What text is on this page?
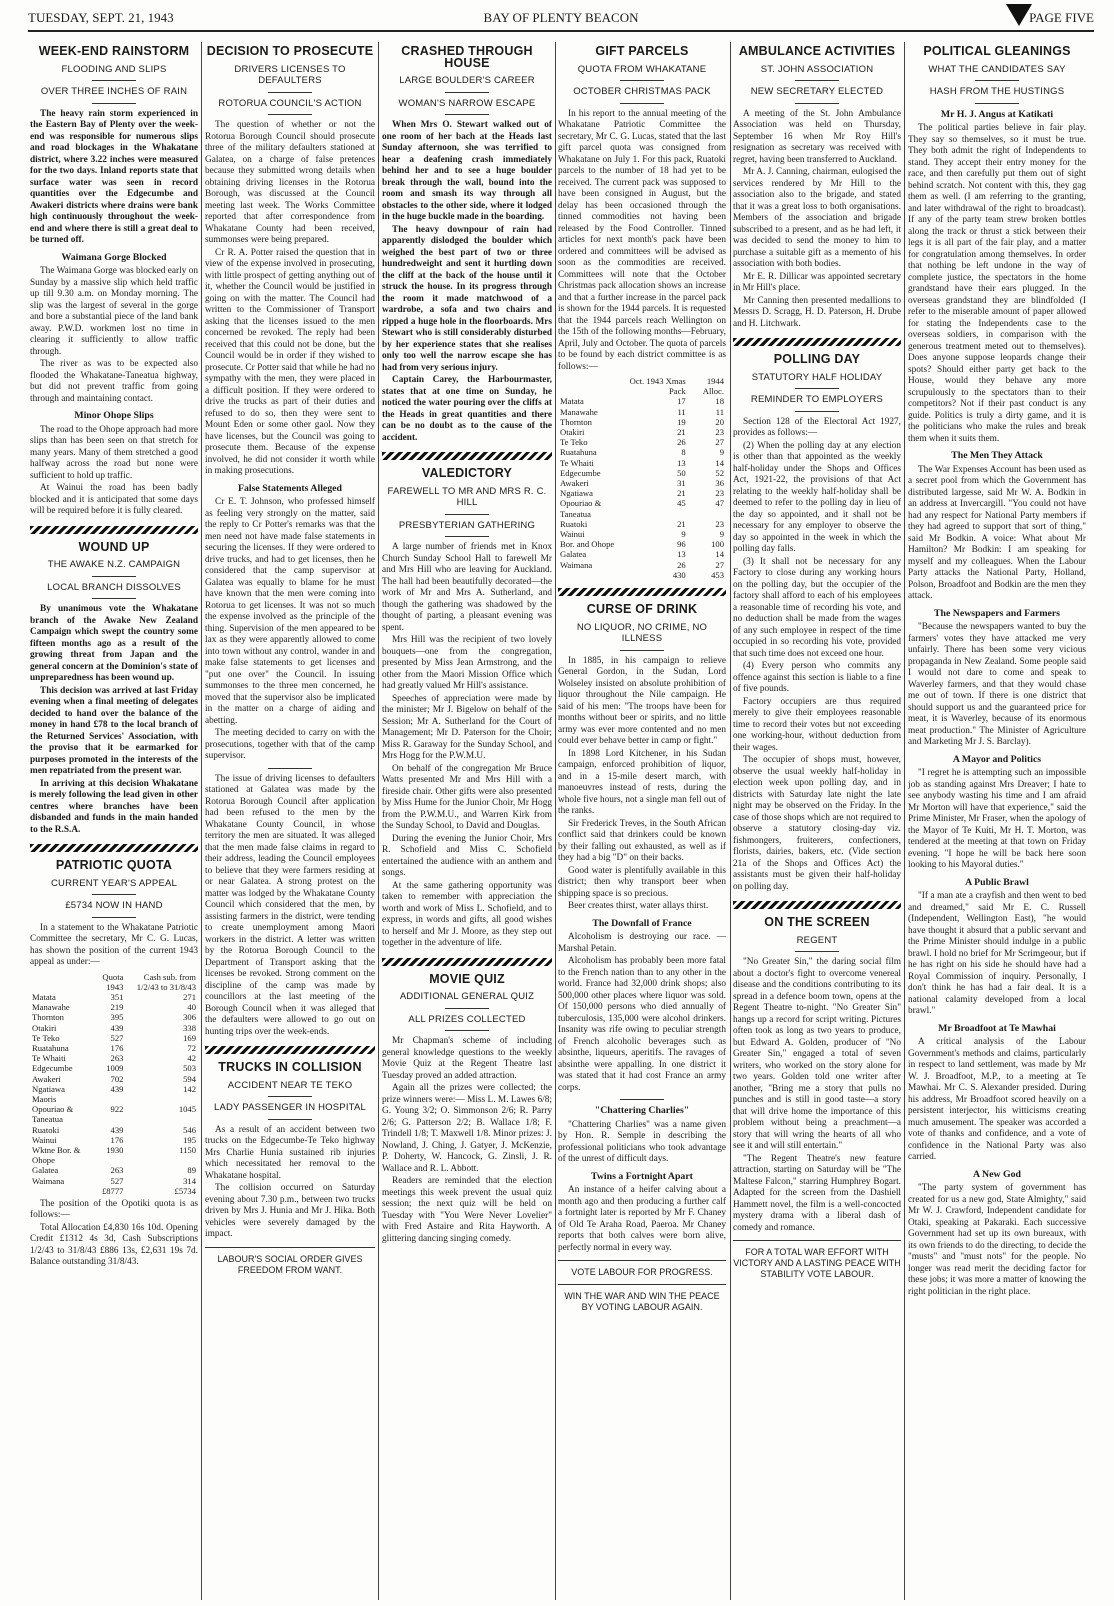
TUESDAY, SEPT. 21, 1943	BAY OF PLENTY BEACON	PAGE FIVE
WEEK-END RAINSTORM
FLOODING AND SLIPS
OVER THREE INCHES OF RAIN

The heavy rain storm experienced in the Eastern Bay of Plenty over the week-end was responsible for numerous slips and road blockages in the Whakatane district, where 3.22 inches were measured for the two days. Inland reports state that surface water was seen in record quantities over the Edgecumbe and Awakeri districts where drains were bank high continuously throughout the week-end and where there is still a great deal to be turned off.

Waimana Gorge Blocked

The Waimana Gorge was blocked early on Sunday by a massive slip which held traffic up till 9.30 a.m. on Monday morning. The slip was the largest of several in the gorge and bore a substantial piece of the land bank away. P.W.D. workmen lost no time in clearing it sufficiently to allow traffic through.

The river as was to be expected also flooded the Whakatane-Taneatua highway, but did not prevent traffic from going through and maintaining contact.

Minor Ohope Slips

The road to the Ohope approach had more slips than has been seen on that stretch for many years. Many of them stretched a good halfway across the road but none were sufficient to hold up traffic.

At Wainui the road has been badly blocked and it is anticipated that some days will be required before it is fully cleared.

WOUND UP
THE AWAKE N.Z. CAMPAIGN
LOCAL BRANCH DISSOLVES

By unanimous vote the Whakatane branch of the Awake New Zealand Campaign which swept the country some fifteen months ago as a result of the growing threat from Japan and the general concern at the Dominion's state of unpreparedness has been wound up.

This decision was arrived at last Friday evening when a final meeting of delegates decided to hand over the balance of the money in hand £78 to the local branch of the Returned Services' Association, with the proviso that it be earmarked for purposes promoted in the interests of the men repatriated from the present war.

In arriving at this decision Whakatane is merely following the lead given in other centres where branches have been disbanded and funds in the main handed to the R.S.A.

PATRIOTIC QUOTA
CURRENT YEAR'S APPEAL
£5734 NOW IN HAND

In a statement to the Whakatane Patriotic Committee the secretary, Mr C. G. Lucas, has shown the position of the current 1943 appeal as under:—

	Quota 1943	Cash sub. from 1/2/43 to 31/8/43
Matata	351	271
Manawahe	219	40
Thornton	395	306
Otakiri	439	338
Te Teko	527	169
Ruatahuna	176	72
Te Whaiti	263	42
Edgecumbe	1009	503
Awakeri	702	594
Ngatiawa Maoris	439	142
Opouriao & Taneatua	922	1045
Ruatoki	439	546
Wainui	176	195
Wktne Bor. & Ohope	1930	1150
Galatea	263	89
Waimana	527	314
	£8777	£5734

The position of the Opotiki quota is as follows:—

Total Allocation £4,830 16s 10d. Opening Credit £1312 4s 3d, Cash Subscriptions 1/2/43 to 31/8/43 £886 13s, £2,631 19s 7d. Balance outstanding 31/8/43.

DECISION TO PROSECUTE
DRIVERS LICENSES TO DEFAULTERS
ROTORUA COUNCIL'S ACTION

The question of whether or not the Rotorua Borough Council should prosecute three of the military defaulters stationed at Galatea, on a charge of false pretences because they submitted wrong details when obtaining driving licenses in the Rotorua Borough, was discussed at the Council meeting last week. The Works Committee reported that after correspondence from Whakatane County had been received, summonses were being prepared.

Cr R. A. Potter raised the question that in view of the expense involved in prosecuting, with little prospect of getting anything out of it, whether the Council would be justified in going on with the matter. The Council had written to the Commissioner of Transport asking that the licenses issued to the men concerned be revoked. The reply had been received that this could not be done, but the Council would be in order if they wished to prosecute. Cr Potter said that while he had no sympathy with the men, they were placed in a difficult position. If they were ordered to drive the trucks as part of their duties and refused to do so, then they were sent to Mount Eden or some other gaol. Now they have licenses, but the Council was going to prosecute them. Because of the expense involved, he did not consider it worth while in making prosecutions.

False Statements Alleged

Cr E. T. Johnson, who professed himself as feeling very strongly on the matter, said the reply to Cr Potter's remarks was that the men need not have made false statements in securing the licenses. If they were ordered to drive trucks, and had to get licenses, then he considered that the camp supervisor at Galatea was equally to blame for he must have known that the men were coming into Rotorua to get licenses. It was not so much the expense involved as the principle of the thing. Supervision of the men appeared to be lax as they were apparently allowed to come into town without any control, wander in and make false statements to get licenses and "put one over" the Council. In issuing summonses to the three men concerned, he moved that the supervisor also be implicated in the matter on a charge of aiding and abetting.

The meeting decided to carry on with the prosecutions, together with that of the camp supervisor.

The issue of driving licenses to defaulters stationed at Galatea was made by the Rotorua Borough Council after application had been refused to the men by the Whakatane County Council, in whose territory the men are situated. It was alleged that the men made false claims in regard to their address, leading the Council employees to believe that they were farmers residing at or near Galatea. A strong protest on the matter was lodged by the Whakatane County Council which considered that the men, by assisting farmers in the district, were tending to create unemployment among Maori workers in the district. A letter was written by the Rotorua Borough Council to the Department of Transport asking that the licenses be revoked. Strong comment on the discipline of the camp was made by councillors at the last meeting of the Borough Council when it was alleged that the defaulters were allowed to go out on hunting trips over the week-ends.

TRUCKS IN COLLISION
ACCIDENT NEAR TE TEKO
LADY PASSENGER IN HOSPITAL

As a result of an accident between two trucks on the Edgecumbe-Te Teko highway Mrs Charlie Hunia sustained rib injuries which necessitated her removal to the Whakatane hospital.

The collision occurred on Saturday evening about 7.30 p.m., between two trucks driven by Mrs J. Hunia and Mr J. Hika. Both vehicles were severely damaged by the impact.

LABOUR'S SOCIAL ORDER GIVES FREEDOM FROM WANT.
CRASHED THROUGH HOUSE
LARGE BOULDER'S CAREER
WOMAN'S NARROW ESCAPE

When Mrs O. Stewart walked out of one room of her bach at the Heads last Sunday afternoon, she was terrified to hear a deafening crash immediately behind her and to see a huge boulder break through the wall, bound into the room and smash its way through all obstacles to the other side, where it lodged in the huge buckle made in the boarding.

The heavy downpour of rain had apparently dislodged the boulder which weighed the best part of two or three hundredweight and sent it hurtling down the cliff at the back of the house until it struck the house. In its progress through the room it made matchwood of a wardrobe, a sofa and two chairs and ripped a huge hole in the floorboards. Mrs Stewart who is still considerably disturbed by her experience states that she realises only too well the narrow escape she has had from very serious injury.

Captain Carey, the Harbourmaster, states that at one time on Sunday, he noticed the water pouring over the cliffs at the Heads in great quantities and there can be no doubt as to the cause of the accident.

VALEDICTORY
FAREWELL TO MR AND MRS R. C. HILL
PRESBYTERIAN GATHERING

A large number of friends met in Knox Church Sunday School Hall to farewell Mr and Mrs Hill who are leaving for Auckland. The hall had been beautifully decorated—the work of Mr and Mrs A. Sutherland, and though the gathering was shadowed by the thought of parting, a pleasant evening was spent.

Mrs Hill was the recipient of two lovely bouquets—one from the congregation, presented by Miss Jean Armstrong, and the other from the Maori Mission Office which had greatly valued Mr Hill's assistance.

Speeches of appreciation were made by the minister; Mr J. Bigelow on behalf of the Session; Mr A. Sutherland for the Court of Management; Mr D. Paterson for the Choir; Miss R. Garaway for the Sunday School, and Mrs Hogg for the P.W.M.U.

On behalf of the congregation Mr Bruce Watts presented Mr and Mrs Hill with a fireside chair. Other gifts were also presented by Miss Hume for the Junior Choir, Mr Hogg from the P.W.M.U., and Warren Kirk from the Sunday School, to David and Douglas.

During the evening the Junior Choir, Mrs R. Schofield and Miss C. Schofield entertained the audience with an anthem and songs.

At the same gathering opportunity was taken to remember with appreciation the worth and work of Miss L. Schofield, and to express, in words and gifts, all good wishes to herself and Mr J. Moore, as they step out together in the adventure of life.

MOVIE QUIZ
ADDITIONAL GENERAL QUIZ
ALL PRIZES COLLECTED

Mr Chapman's scheme of including general knowledge questions to the weekly Movie Quiz at the Regent Theatre last Tuesday proved an added attraction.

Again all the prizes were collected; the prize winners were:— Miss L. M. Lawes 6/8; G. Young 3/2; O. Simmonson 2/6; R. Parry 2/6; G. Patterson 2/2; B. Wallace 1/8; F. Trindell 1/8; T. Maxwell 1/8. Minor prizes: J. Nowland, J. Ching, J. Gatyer, J. McKenzie, P. Doherty, W. Hancock, G. Zinsli, J. R. Wallace and R. L. Abbott.

Readers are reminded that the election meetings this week prevent the usual quiz session; the next quiz will be held on Tuesday with "You Were Never Lovelier" with Fred Astaire and Rita Hayworth. A glittering dancing singing comedy.

GIFT PARCELS
QUOTA FROM WHAKATANE
OCTOBER CHRISTMAS PACK

In his report to the annual meeting of the Whakatane Patriotic Committee the secretary, Mr C. G. Lucas, stated that the last gift parcel quota was consigned from Whakatane on July 1. For this pack, Ruatoki parcels to the number of 18 had yet to be received. The current pack was supposed to have been consigned in August, but the delay has been occasioned through the tinned commodities not having been released by the Food Controller. Tinned articles for next month's pack have been ordered and committees will be advised as soon as the commodities are received. Committees will note that the October Christmas pack allocation shows an increase and that a further increase in the parcel pack is shown for the 1944 parcels. It is requested that the 1944 parcels reach Wellington on the 15th of the following months—February, April, July and October. The quota of parcels to be found by each district committee is as follows:—

	Oct. 1943 Xmas Pack	1944 Alloc.
Matata	17	18
Manawahe	11	11
Thornton	19	20
Otakiri	21	23
Te Teko	26	27
Ruatahuna	8	9
Te Whaiti	13	14
Edgecumbe	50	52
Awakeri	31	36
Ngatiawa	21	23
Opouriao & Taneatua	45	47
Ruatoki	21	23
Wainui	9	9
Bor. and Ohope	96	100
Galatea	13	14
Waimana	26	27
	430	453
CURSE OF DRINK
NO LIQUOR, NO CRIME, NO ILLNESS

In 1885, in his campaign to relieve General Gordon, in the Sudan, Lord Wolseley insisted on absolute prohibition of liquor throughout the Nile campaign. He said of his men: "The troops have been for months without beer or spirits, and no little army was ever more contented and no men could ever behave better in camp or fight."

In 1898 Lord Kitchener, in his Sudan campaign, enforced prohibition of liquor, and in a 15-mile desert march, with manoeuvres instead of rests, during the whole five hours, not a single man fell out of the ranks.

Sir Frederick Treves, in the South African conflict said that drinkers could be known by their falling out exhausted, as well as if they had a big "D" on their backs.

Good water is plentifully available in this district; then why transport beer when shipping space is so precious.

Beer creates thirst, water allays thirst.

The Downfall of France

Alcoholism is destroying our race. —Marshal Petain.

Alcoholism has probably been more fatal to the French nation than to any other in the world. France had 32,000 drink shops; also 500,000 other places where liquor was sold. Of 150,000 persons who died annually of tuberculosis, 135,000 were alcohol drinkers. Insanity was rife owing to peculiar strength of French alcoholic beverages such as absinthe, liqueurs, aperitifs. The ravages of absinthe were appalling. In one district it was stated that it had cost France an army corps.

"Chattering Charlies"

"Chattering Charlies" was a name given by Hon. R. Semple in describing the professional politicians who took advantage of the unrest of difficult days.

Twins a Fortnight Apart

An instance of a heifer calving about a month ago and then producing a further calf a fortnight later is reported by Mr F. Chaney of Old Te Araha Road, Paeroa. Mr Chaney reports that both calves were born alive, perfectly normal in every way.

VOTE LABOUR FOR PROGRESS.
WIN THE WAR AND WIN THE PEACE BY VOTING LABOUR AGAIN.
AMBULANCE ACTIVITIES
ST. JOHN ASSOCIATION
NEW SECRETARY ELECTED

A meeting of the St. John Ambulance Association was held on Thursday, September 16 when Mr Roy Hill's resignation as secretary was received with regret, having been transferred to Auckland.

Mr A. J. Canning, chairman, eulogised the services rendered by Mr Hill to the association also to the brigade, and stated that it was a great loss to both organisations. Members of the association and brigade subscribed to a present, and as he had left, it was decided to send the money to him to purchase a suitable gift as a memento of his association with both bodies.

Mr E. R. Dillicar was appointed secretary in Mr Hill's place.

Mr Canning then presented medallions to Messrs D. Scragg, H. D. Paterson, H. Drube and H. Litchwark.

POLLING DAY
STATUTORY HALF HOLIDAY
REMINDER TO EMPLOYERS

Section 128 of the Electoral Act 1927, provides as follows:—

(2) When the polling day at any election is other than that appointed as the weekly half-holiday under the Shops and Offices Act, 1921-22, the provisions of that Act relating to the weekly half-holiday shall be deemed to refer to the polling day in lieu of the day so appointed, and it shall not be necessary for any employer to observe the day so appointed in the week in which the polling day falls.

(3) It shall not be necessary for any Factory to close during any working hours on the polling day, but the occupier of the factory shall afford to each of his employees a reasonable time of recording his vote, and no deduction shall be made from the wages of any such employee in respect of the time occupied in so recording his vote, provided that such time does not exceed one hour.

(4) Every person who commits any offence against this section is liable to a fine of five pounds.

Factory occupiers are thus required merely to give their employees reasonable time to record their votes but not exceeding one working-hour, without deduction from their wages.

The occupier of shops must, however, observe the usual weekly half-holiday in election week upon polling day, and in districts with Saturday late night the late night may be observed on the Friday. In the case of those shops which are not required to observe a statutory closing-day viz. fishmongers, fruiterers, confectioners, florists, dairies, bakers, etc. (Vide section 21a of the Shops and Offices Act) the assistants must be given their half-holiday on polling day.

ON THE SCREEN
REGENT

"No Greater Sin," the daring social film about a doctor's fight to overcome venereal disease and the conditions contributing to its spread in a defence boom town, opens at the Regent Theatre to-night. "No Greater Sin" hangs up a record for script writing. Pictures often took as long as two years to produce, but Edward A. Golden, producer of "No Greater Sin," engaged a total of seven writers, who worked on the story alone for two years. Golden told one writer after another, "Bring me a story that pulls no punches and is still in good taste—a story that will drive home the importance of this problem without being a preachment—a story that will wring the hearts of all who see it and will still entertain."

"The Regent Theatre's new feature attraction, starting on Saturday will be "The Maltese Falcon," starring Humphrey Bogart. Adapted for the screen from the Dashiell Hammett novel, the film is a well-concocted mystery drama with a liberal dash of comedy and romance.

FOR A TOTAL WAR EFFORT WITH VICTORY AND A LASTING PEACE WITH STABILITY VOTE LABOUR.
POLITICAL GLEANINGS
WHAT THE CANDIDATES SAY
HASH FROM THE HUSTINGS
Mr H. J. Angus at Katikati

The political parties believe in fair play. They say so themselves, so it must be true. They both admit the right of Independents to stand. They accept their entry money for the race, and then carefully put them out of sight behind scratch. Not content with this, they gag them as well. (I am referring to the granting, and later withdrawal of the right to broadcast). If any of the party team strew broken bottles along the track or thrust a stick between their legs it is all part of the fair play, and a matter for congratulation among themselves. In order that nothing be left undone in the way of complete justice, the spectators in the home grandstand have their ears plugged. In the overseas grandstand they are blindfolded (I refer to the miserable amount of paper allowed for stating the Independents case to the overseas soldiers, in comparison with the generous treatment meted out to themselves). Does anyone suppose leopards change their spots? Should either party get back to the House, would they behave any more scrupulously to the spectators than to their competitors? Not if their past conduct is any guide. Politics is truly a dirty game, and it is the politicians who make the rules and break them when it suits them.

The Men They Attack

The War Expenses Account has been used as a secret pool from which the Government has distributed largesse, said Mr W. A. Bodkin in an address at Invercargill. "You could not have had any respect for National Party members if they had agreed to support that sort of thing," said Mr Bodkin. A voice: What about Mr Hamilton? Mr Bodkin: I am speaking for myself and my colleagues. When the Labour Party attacks the National Party, Holland, Polson, Broadfoot and Bodkin are the men they attack.

The Newspapers and Farmers

"Because the newspapers wanted to buy the farmers' votes they have attacked me very unfairly. There has been some very vicious propaganda in New Zealand. Some people said I would not dare to come and speak to Waverley farmers, and that they would chase me out of town. If there is one district that should support us and the guaranteed price for meat, it is Waverley, because of its enormous meat production." The Minister of Agriculture and Marketing Mr J. S. Barclay).

A Mayor and Politics

"I regret he is attempting such an impossible job as standing against Mrs Dreaver; I hate to see anybody wasting his time and I am afraid Mr Morton will have that experience," said the Prime Minister, Mr Fraser, when the apology of the Mayor of Te Kuiti, Mr H. T. Morton, was tendered at the meeting at that town on Friday evening. "I hope he will be back here soon looking to his Mayoral duties."

A Public Brawl

"If a man ate a crayfish and then went to bed and dreamed," said Mr E. C. Russell (Independent, Wellington East), "he would have thought it absurd that a public servant and the Prime Minister should indulge in a public brawl. I hold no brief for Mr Scrimgeour, but if he has right on his side he should have had a Royal Commission of inquiry. Personally, I don't think he has had a fair deal. It is a national calamity developed from a local brawl."

Mr Broadfoot at Te Mawhai

A critical analysis of the Labour Government's methods and claims, particularly in respect to land settlement, was made by Mr W. J. Broadfoot, M.P., to a meeting at Te Mawhai. Mr C. S. Alexander presided. During his address, Mr Broadfoot scored heavily on a persistent interjector, his witticisms creating much amusement. The speaker was accorded a vote of thanks and confidence, and a vote of confidence in the National Party was also carried.

A New God

"The party system of government has created for us a new god, State Almighty," said Mr W. J. Crawford, Independent candidate for Otaki, speaking at Pakaraki. Each successive Government had set up its own bureaux, with its own friends to do the directing, to decide the "musts" and "must nots" for the people. No longer was read merit the deciding factor for these jobs; it was more a matter of knowing the right politician in the right place.
